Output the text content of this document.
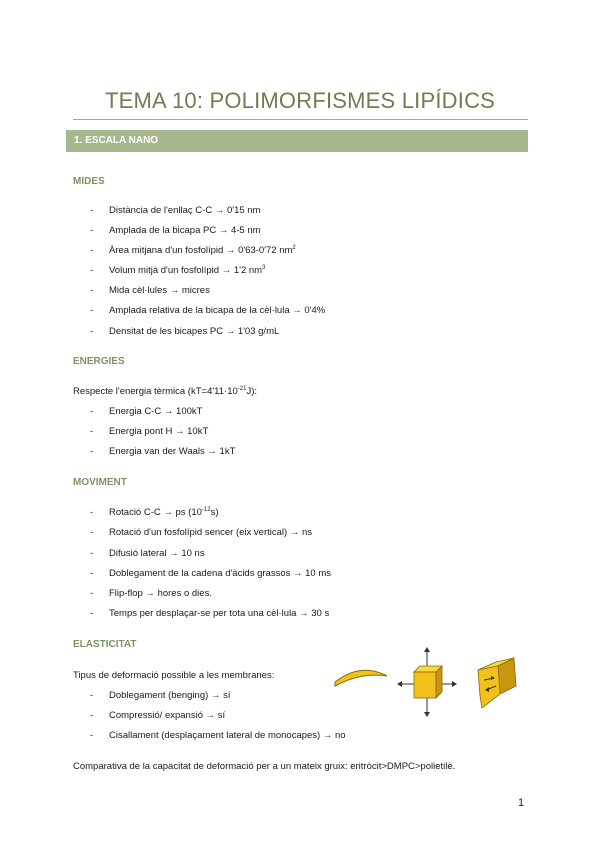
TEMA 10: POLIMORFISMES LIPÍDICS
1. ESCALA NANO
MIDES
- Distància de l'enllaç C-C → 0'15 nm
- Amplada de la bicapa PC → 4-5 nm
- Àrea mitjana d'un fosfolípid → 0'63-0'72 $nm^2$
- Volum mitjà d'un fosfolípid → 1'2 $nm^3$
- Mida cèl·lules → micres
- Amplada relativa de la bicapa de la cèl·lula → 0'4%
- Densitat de les bicapes PC → 1'03 g/mL
ENERGIES
Respecte l'energia tèrmica $(kT=4'11\cdot 10^{-21}J)$:
- Energia C-C → 100kT
- Energia pont H → 10kT
- Energia van der Waals → 1kT
MOVIMENT
- Rotació C-C → ps $(10^{-12}s)$
- Rotació d'un fosfolípid sencer (eix vertical) → ns
- Difusió lateral → 10 ns
- Doblegament de la cadena d'àcids grassos → 10 ms
- Flip-flop → hores o dies.
- Temps per desplaçar-se per tota una cèl·lula → 30 s
ELASTICITAT
Tipus de deformació possible a les membranes:
- Doblegament (benging) → sí
- Compressió/ expansió → sí
- Cisallament (desplaçament lateral de monocapes) → no
Comparativa de la capacitat de deformació per a un mateix gruix: eritròcit>DMPC>polietilè.
1
